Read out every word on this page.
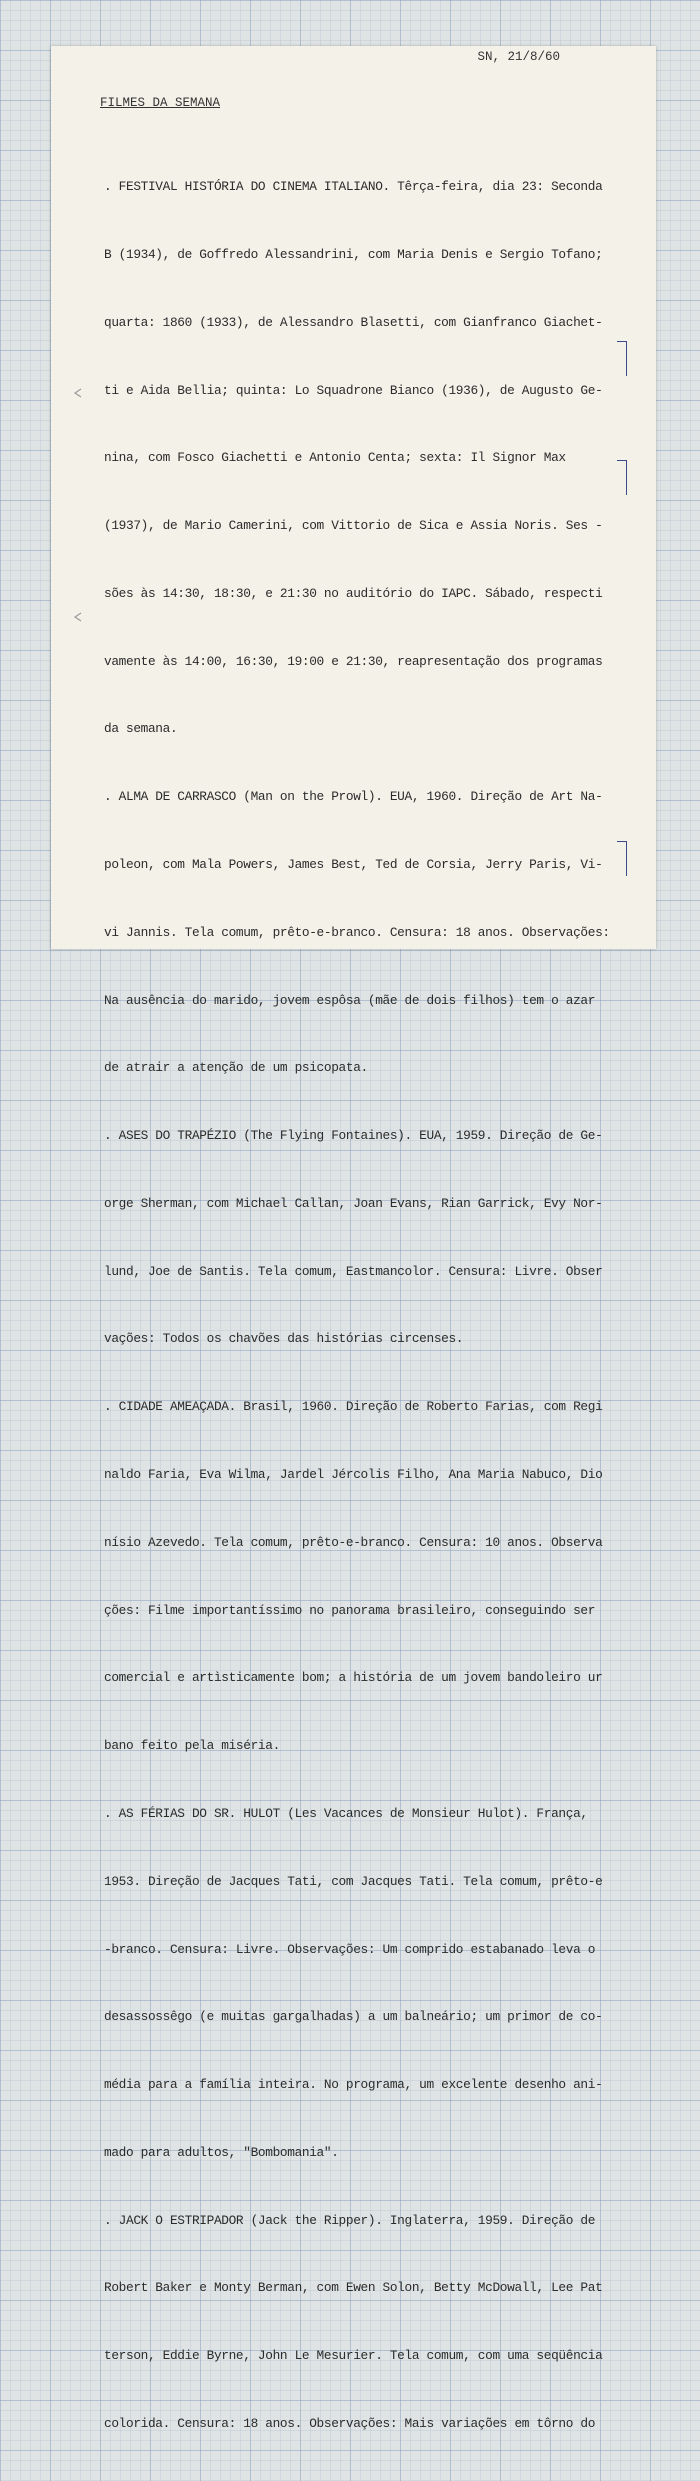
SN, 21/8/60
FILMES DA SEMANA

. FESTIVAL HISTÓRIA DO CINEMA ITALIANO. Têrça-feira, dia 23: Seconda

B (1934), de Goffredo Alessandrini, com Maria Denis e Sergio Tofano;

quarta: 1860 (1933), de Alessandro Blasetti, com Gianfranco Giachet-

ti e Aida Bellia; quinta: Lo Squadrone Bianco (1936), de Augusto Ge-

nina, com Fosco Giachetti e Antonio Centa; sexta: Il Signor Max

(1937), de Mario Camerini, com Vittorio de Sica e Assia Noris. Ses -

sões às 14:30, 18:30, e 21:30 no auditório do IAPC. Sábado, respecti

vamente às 14:00, 16:30, 19:00 e 21:30, reapresentação dos programas

da semana.

. ALMA DE CARRASCO (Man on the Prowl). EUA, 1960. Direção de Art Na-

poleon, com Mala Powers, James Best, Ted de Corsia, Jerry Paris, Vi-

vi Jannis. Tela comum, prêto-e-branco. Censura: 18 anos. Observações:

Na ausência do marido, jovem espôsa (mãe de dois filhos) tem o azar

de atrair a atenção de um psicopata.

. ASES DO TRAPÉZIO (The Flying Fontaines). EUA, 1959. Direção de Ge-

orge Sherman, com Michael Callan, Joan Evans, Rian Garrick, Evy Nor-

lund, Joe de Santis. Tela comum, Eastmancolor. Censura: Livre. Obser

vações: Todos os chavões das histórias circenses.

. CIDADE AMEAÇADA. Brasil, 1960. Direção de Roberto Farias, com Regi

naldo Faria, Eva Wilma, Jardel Jércolis Filho, Ana Maria Nabuco, Dio

nísio Azevedo. Tela comum, prêto-e-branco. Censura: 10 anos. Observa

ções: Filme importantíssimo no panorama brasileiro, conseguindo ser

comercial e artìsticamente bom; a história de um jovem bandoleiro ur

bano feito pela miséria.

. AS FÉRIAS DO SR. HULOT (Les Vacances de Monsieur Hulot). França,

1953. Direção de Jacques Tati, com Jacques Tati. Tela comum, prêto-e

-branco. Censura: Livre. Observações: Um comprido estabanado leva o

desassossêgo (e muitas gargalhadas) a um balneário; um primor de co-

média para a família inteira. No programa, um excelente desenho ani-

mado para adultos, "Bombomania".

. JACK O ESTRIPADOR (Jack the Ripper). Inglaterra, 1959. Direção de

Robert Baker e Monty Berman, com Ewen Solon, Betty McDowall, Lee Pat

terson, Eddie Byrne, John Le Mesurier. Tela comum, com uma seqüência

colorida. Censura: 18 anos. Observações: Mais variações em tôrno do
